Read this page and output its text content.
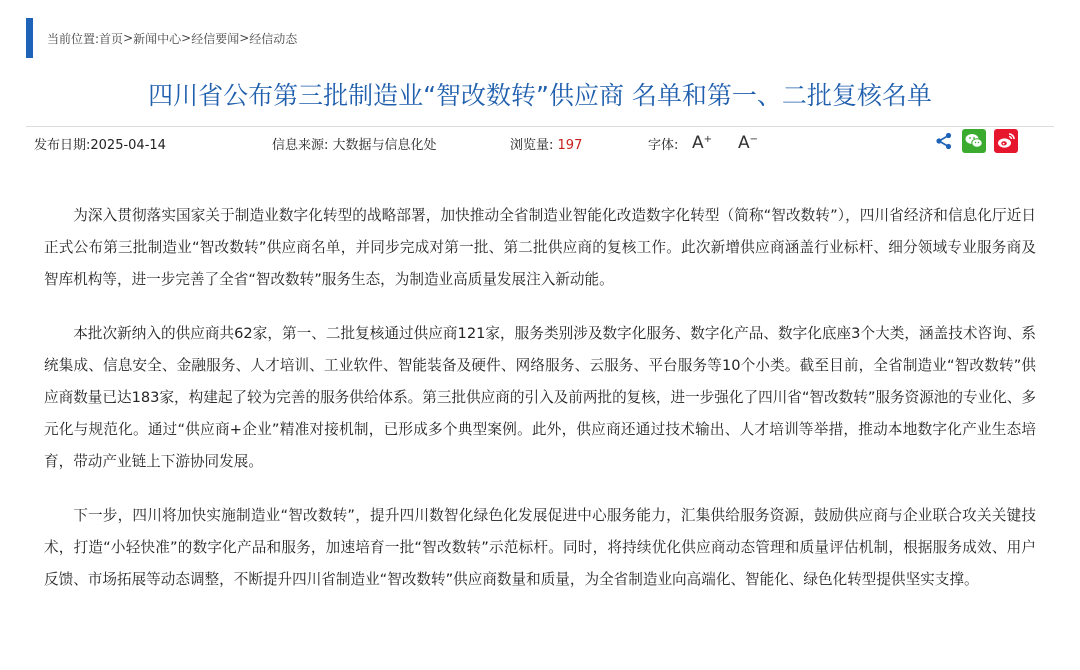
当前位置: 首页 > 新闻中心 > 经信要闻 > 经信动态
四川省公布第三批制造业“智改数转”供应商 名单和第一、二批复核名单
发布日期:2025-04-14	信息来源: 大数据与信息化处	浏览量: 197	字体: A+ A−

为深入贯彻落实国家关于制造业数字化转型的战略部署，加快推动全省制造业智能化改造数字化转型（简称“智改数转”），四川省经济和信息化厅近日正式公布第三批制造业“智改数转”供应商名单，并同步完成对第一批、第二批供应商的复核工作。此次新增供应商涵盖行业标杆、细分领域专业服务商及智库机构等，进一步完善了全省“智改数转”服务生态，为制造业高质量发展注入新动能。

本批次新纳入的供应商共62家，第一、二批复核通过供应商121家，服务类别涉及数字化服务、数字化产品、数字化底座3个大类，涵盖技术咨询、系统集成、信息安全、金融服务、人才培训、工业软件、智能装备及硬件、网络服务、云服务、平台服务等10个小类。截至目前，全省制造业“智改数转”供应商数量已达183家，构建起了较为完善的服务供给体系。第三批供应商的引入及前两批的复核，进一步强化了四川省“智改数转”服务资源池的专业化、多元化与规范化。通过“供应商+企业”精准对接机制，已形成多个典型案例。此外，供应商还通过技术输出、人才培训等举措，推动本地数字化产业生态培育，带动产业链上下游协同发展。

下一步，四川将加快实施制造业“智改数转”，提升四川数智化绿色化发展促进中心服务能力，汇集供给服务资源，鼓励供应商与企业联合攻关关键技术，打造“小轻快准”的数字化产品和服务，加速培育一批“智改数转”示范标杆。同时，将持续优化供应商动态管理和质量评估机制，根据服务成效、用户反馈、市场拓展等动态调整，不断提升四川省制造业“智改数转”供应商数量和质量，为全省制造业向高端化、智能化、绿色化转型提供坚实支撑。
